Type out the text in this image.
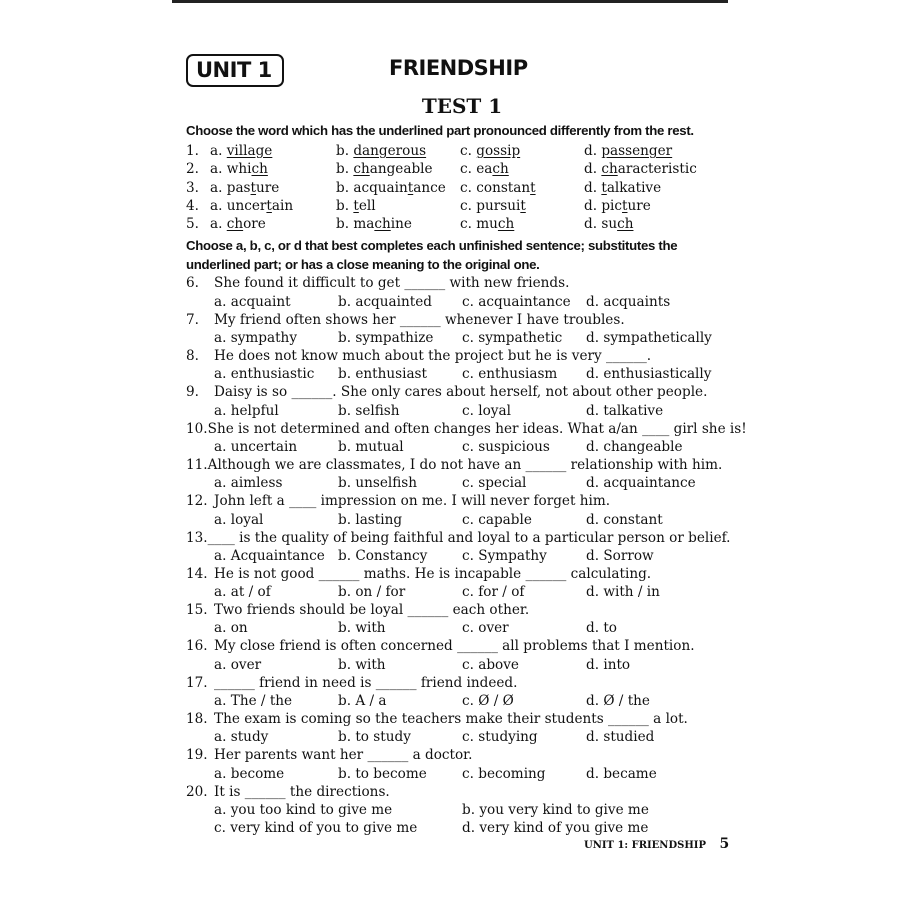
UNIT 1	FRIENDSHIP
TEST 1
Choose the word which has the underlined part pronounced differently from the rest.
1. a. village	b. dangerous	c. gossip	d. passenger
2. a. which	b. changeable	c. each	d. characteristic
3. a. pasture	b. acquaintance	c. constant	d. talkative
4. a. uncertain	b. tell	c. pursuit	d. picture
5. a. chore	b. machine	c. much	d. such
Choose a, b, c, or d that best completes each unfinished sentence; substitutes the
underlined part; or has a close meaning to the original one.
6.	She found it difficult to get ______ with new friends.
a. acquaint	b. acquainted	c. acquaintance	d. acquaints
7.	My friend often shows her ______ whenever I have troubles.
a. sympathy	b. sympathize	c. sympathetic	d. sympathetically
8.	He does not know much about the project but he is very ______.
a. enthusiastic	b. enthusiast	c. enthusiasm	d. enthusiastically
9.	Daisy is so ______. She only cares about herself, not about other people.
a. helpful	b. selfish	c. loyal	d. talkative
10. She is not determined and often changes her ideas. What a/an ____ girl she is!
a. uncertain	b. mutual	c. suspicious	d. changeable
11. Although we are classmates, I do not have an ______ relationship with him.
a. aimless	b. unselfish	c. special	d. acquaintance
12. John left a ____ impression on me. I will never forget him.
a. loyal	b. lasting	c. capable	d. constant
13. ____ is the quality of being faithful and loyal to a particular person or belief.
a. Acquaintance b. Constancy	c. Sympathy	d. Sorrow
14. He is not good ______ maths. He is incapable ______ calculating.
a. at / of	b. on / for	c. for / of	d. with / in
15. Two friends should be loyal ______ each other.
a. on	b. with	c. over	d. to
16. My close friend is often concerned ______ all problems that I mention.
a. over	b. with	c. above	d. into
17. ______ friend in need is ______ friend indeed.
a. The / the	b. A / a	c. Ø / Ø	d. Ø / the
18. The exam is coming so the teachers make their students ______ a lot.
a. study	b. to study	c. studying	d. studied
19. Her parents want her ______ a doctor.
a. become	b. to become	c. becoming	d. became
20. It is ______ the directions.
a. you too kind to give me	b. you very kind to give me
c. very kind of you to give me	d. very kind of you give me
UNIT 1: FRIENDSHIP 5
